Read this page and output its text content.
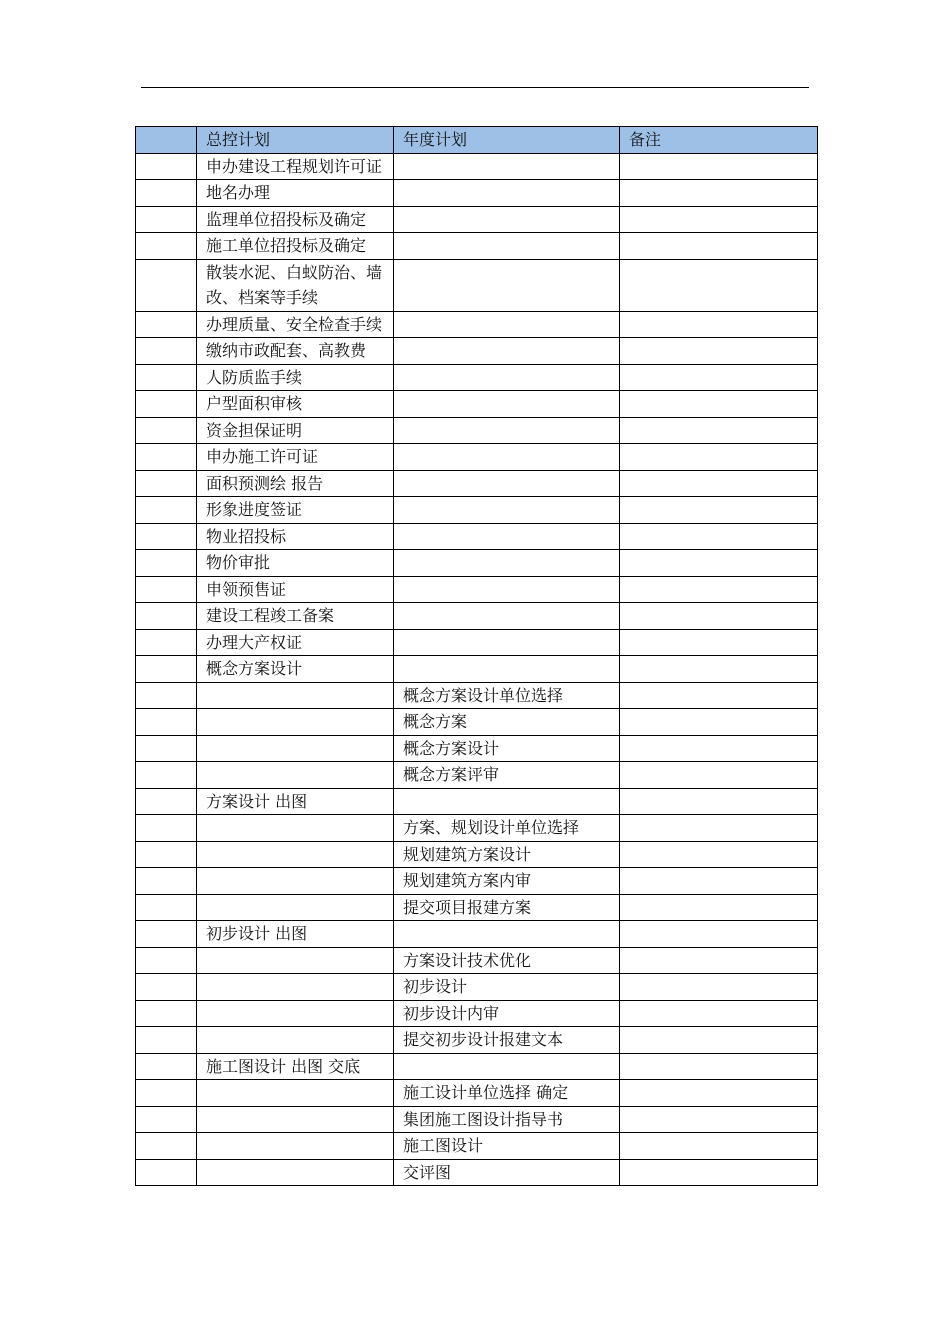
	总控计划	年度计划	备注
	申办建设工程规划许可证		
	地名办理		
	监理单位招投标及确定		
	施工单位招投标及确定		
	散装水泥、白蚁防治、墙改、档案等手续		
	办理质量、安全检查手续		
	缴纳市政配套、高教费		
	人防质监手续		
	户型面积审核		
	资金担保证明		
	申办施工许可证		
	面积预测绘 报告		
	形象进度签证		
	物业招投标		
	物价审批		
	申领预售证		
	建设工程竣工备案		
	办理大产权证		
	概念方案设计		
		概念方案设计单位选择	
		概念方案	
		概念方案设计	
		概念方案评审	
	方案设计 出图		
		方案、规划设计单位选择	
		规划建筑方案设计	
		规划建筑方案内审	
		提交项目报建方案	
	初步设计 出图		
		方案设计技术优化	
		初步设计	
		初步设计内审	
		提交初步设计报建文本	
	施工图设计 出图 交底		
		施工设计单位选择 确定	
		集团施工图设计指导书	
		施工图设计	
		交评图	
